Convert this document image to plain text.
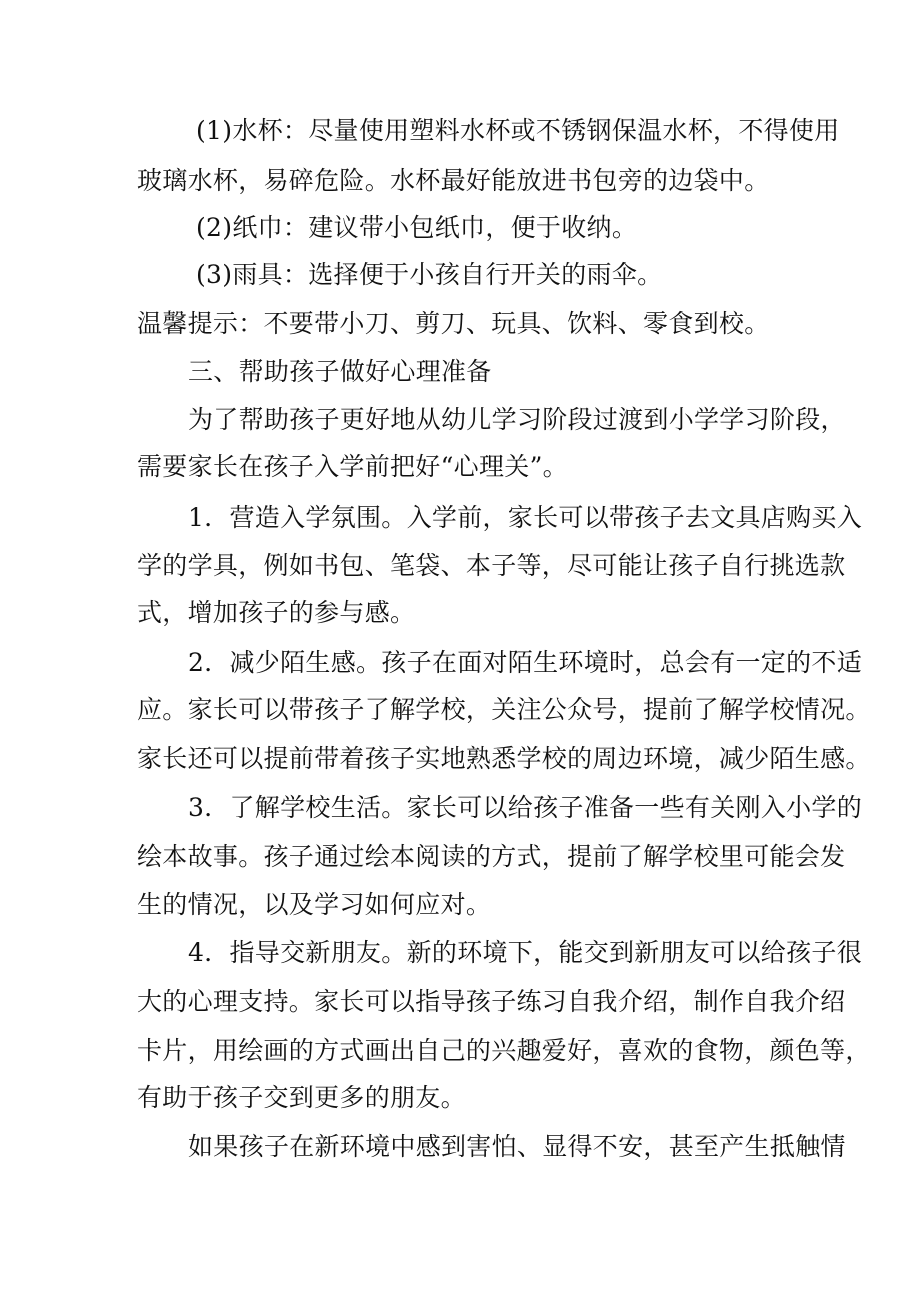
(1)水杯：尽量使用塑料水杯或不锈钢保温水杯，不得使用
玻璃水杯，易碎危险。水杯最好能放进书包旁的边袋中。
(2)纸巾：建议带小包纸巾，便于收纳。
(3)雨具：选择便于小孩自行开关的雨伞。
温馨提示：不要带小刀、剪刀、玩具、饮料、零食到校。
三、帮助孩子做好心理准备
为了帮助孩子更好地从幼儿学习阶段过渡到小学学习阶段，
需要家长在孩子入学前把好“心理关”。
1．营造入学氛围。入学前，家长可以带孩子去文具店购买入
学的学具，例如书包、笔袋、本子等，尽可能让孩子自行挑选款
式，增加孩子的参与感。
2．减少陌生感。孩子在面对陌生环境时，总会有一定的不适
应。家长可以带孩子了解学校，关注公众号，提前了解学校情况。
家长还可以提前带着孩子实地熟悉学校的周边环境，减少陌生感。
3．了解学校生活。家长可以给孩子准备一些有关刚入小学的
绘本故事。孩子通过绘本阅读的方式，提前了解学校里可能会发
生的情况，以及学习如何应对。
4．指导交新朋友。新的环境下，能交到新朋友可以给孩子很
大的心理支持。家长可以指导孩子练习自我介绍，制作自我介绍
卡片，用绘画的方式画出自己的兴趣爱好，喜欢的食物，颜色等，
有助于孩子交到更多的朋友。
如果孩子在新环境中感到害怕、显得不安，甚至产生抵触情
